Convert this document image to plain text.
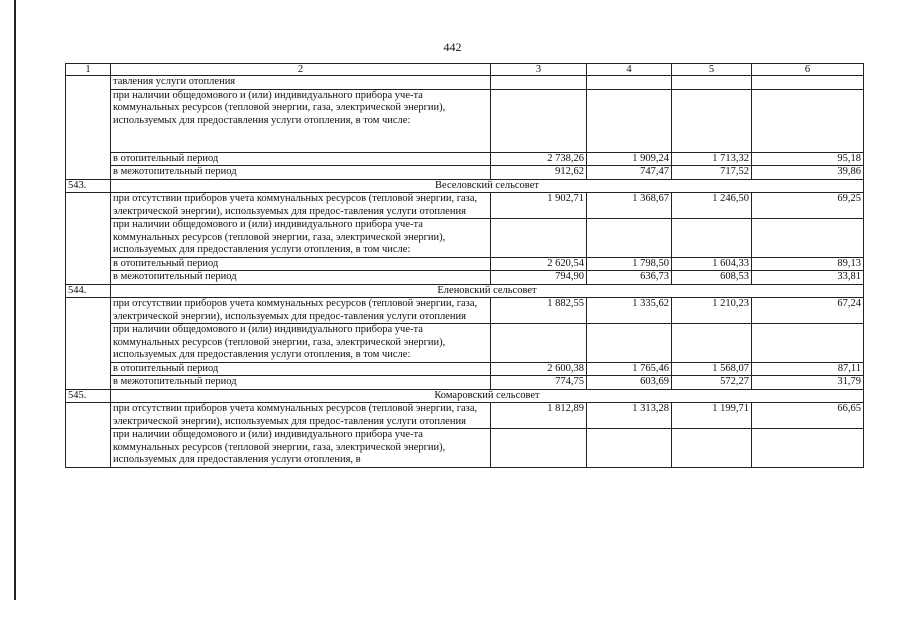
442
1	2	3	4	5	6
	тавления услуги отопления				
	при наличии общедомового и (или) индивидуального прибора уче-та коммунальных ресурсов (тепловой энергии, газа, электрической энергии), используемых для предоставления услуги отопления, в том числе:				
	в отопительный период	2 738,26	1 909,24	1 713,32	95,18
	в межотопительный период	912,62	747,47	717,52	39,86
543.	Веселовский сельсовет				
	при отсутствии приборов учета коммунальных ресурсов (тепловой энергии, газа, электрической энергии), используемых для предос-тавления услуги отопления	1 902,71	1 368,67	1 246,50	69,25
	при наличии общедомового и (или) индивидуального прибора уче-та коммунальных ресурсов (тепловой энергии, газа, электрической энергии), используемых для предоставления услуги отопления, в том числе:				
	в отопительный период	2 620,54	1 798,50	1 604,33	89,13
	в межотопительный период	794,90	636,73	608,53	33,81
544.	Еленовский сельсовет				
	при отсутствии приборов учета коммунальных ресурсов (тепловой энергии, газа, электрической энергии), используемых для предос-тавления услуги отопления	1 882,55	1 335,62	1 210,23	67,24
	при наличии общедомового и (или) индивидуального прибора уче-та коммунальных ресурсов (тепловой энергии, газа, электрической энергии), используемых для предоставления услуги отопления, в том числе:				
	в отопительный период	2 600,38	1 765,46	1 568,07	87,11
	в межотопительный период	774,75	603,69	572,27	31,79
545.	Комаровский сельсовет				
	при отсутствии приборов учета коммунальных ресурсов (тепловой энергии, газа, электрической энергии), используемых для предос-тавления услуги отопления	1 812,89	1 313,28	1 199,71	66,65
	при наличии общедомового и (или) индивидуального прибора уче-та коммунальных ресурсов (тепловой энергии, газа, электрической энергии), используемых для предоставления услуги отопления, в				
